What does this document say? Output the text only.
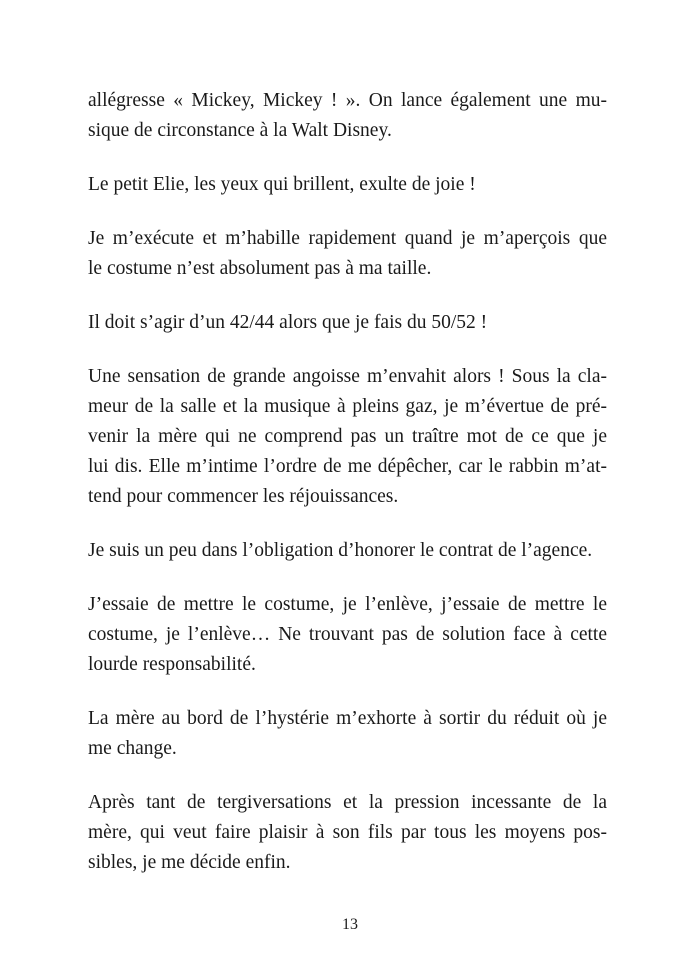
allégresse « Mickey, Mickey ! ». On lance également une mu-
sique de circonstance à la Walt Disney.

Le petit Elie, les yeux qui brillent, exulte de joie !

Je m’exécute et m’habille rapidement quand je m’aperçois que
le costume n’est absolument pas à ma taille.

Il doit s’agir d’un 42/44 alors que je fais du 50/52 !

Une sensation de grande angoisse m’envahit alors ! Sous la cla-
meur de la salle et la musique à pleins gaz, je m’évertue de pré-
venir la mère qui ne comprend pas un traître mot de ce que je
lui dis. Elle m’intime l’ordre de me dépêcher, car le rabbin m’at-
tend pour commencer les réjouissances.

Je suis un peu dans l’obligation d’honorer le contrat de l’agence.

J’essaie de mettre le costume, je l’enlève, j’essaie de mettre le
costume, je l’enlève… Ne trouvant pas de solution face à cette
lourde responsabilité.

La mère au bord de l’hystérie m’exhorte à sortir du réduit où je
me change.

Après tant de tergiversations et la pression incessante de la
mère, qui veut faire plaisir à son fils par tous les moyens pos-
sibles, je me décide enfin.

13
